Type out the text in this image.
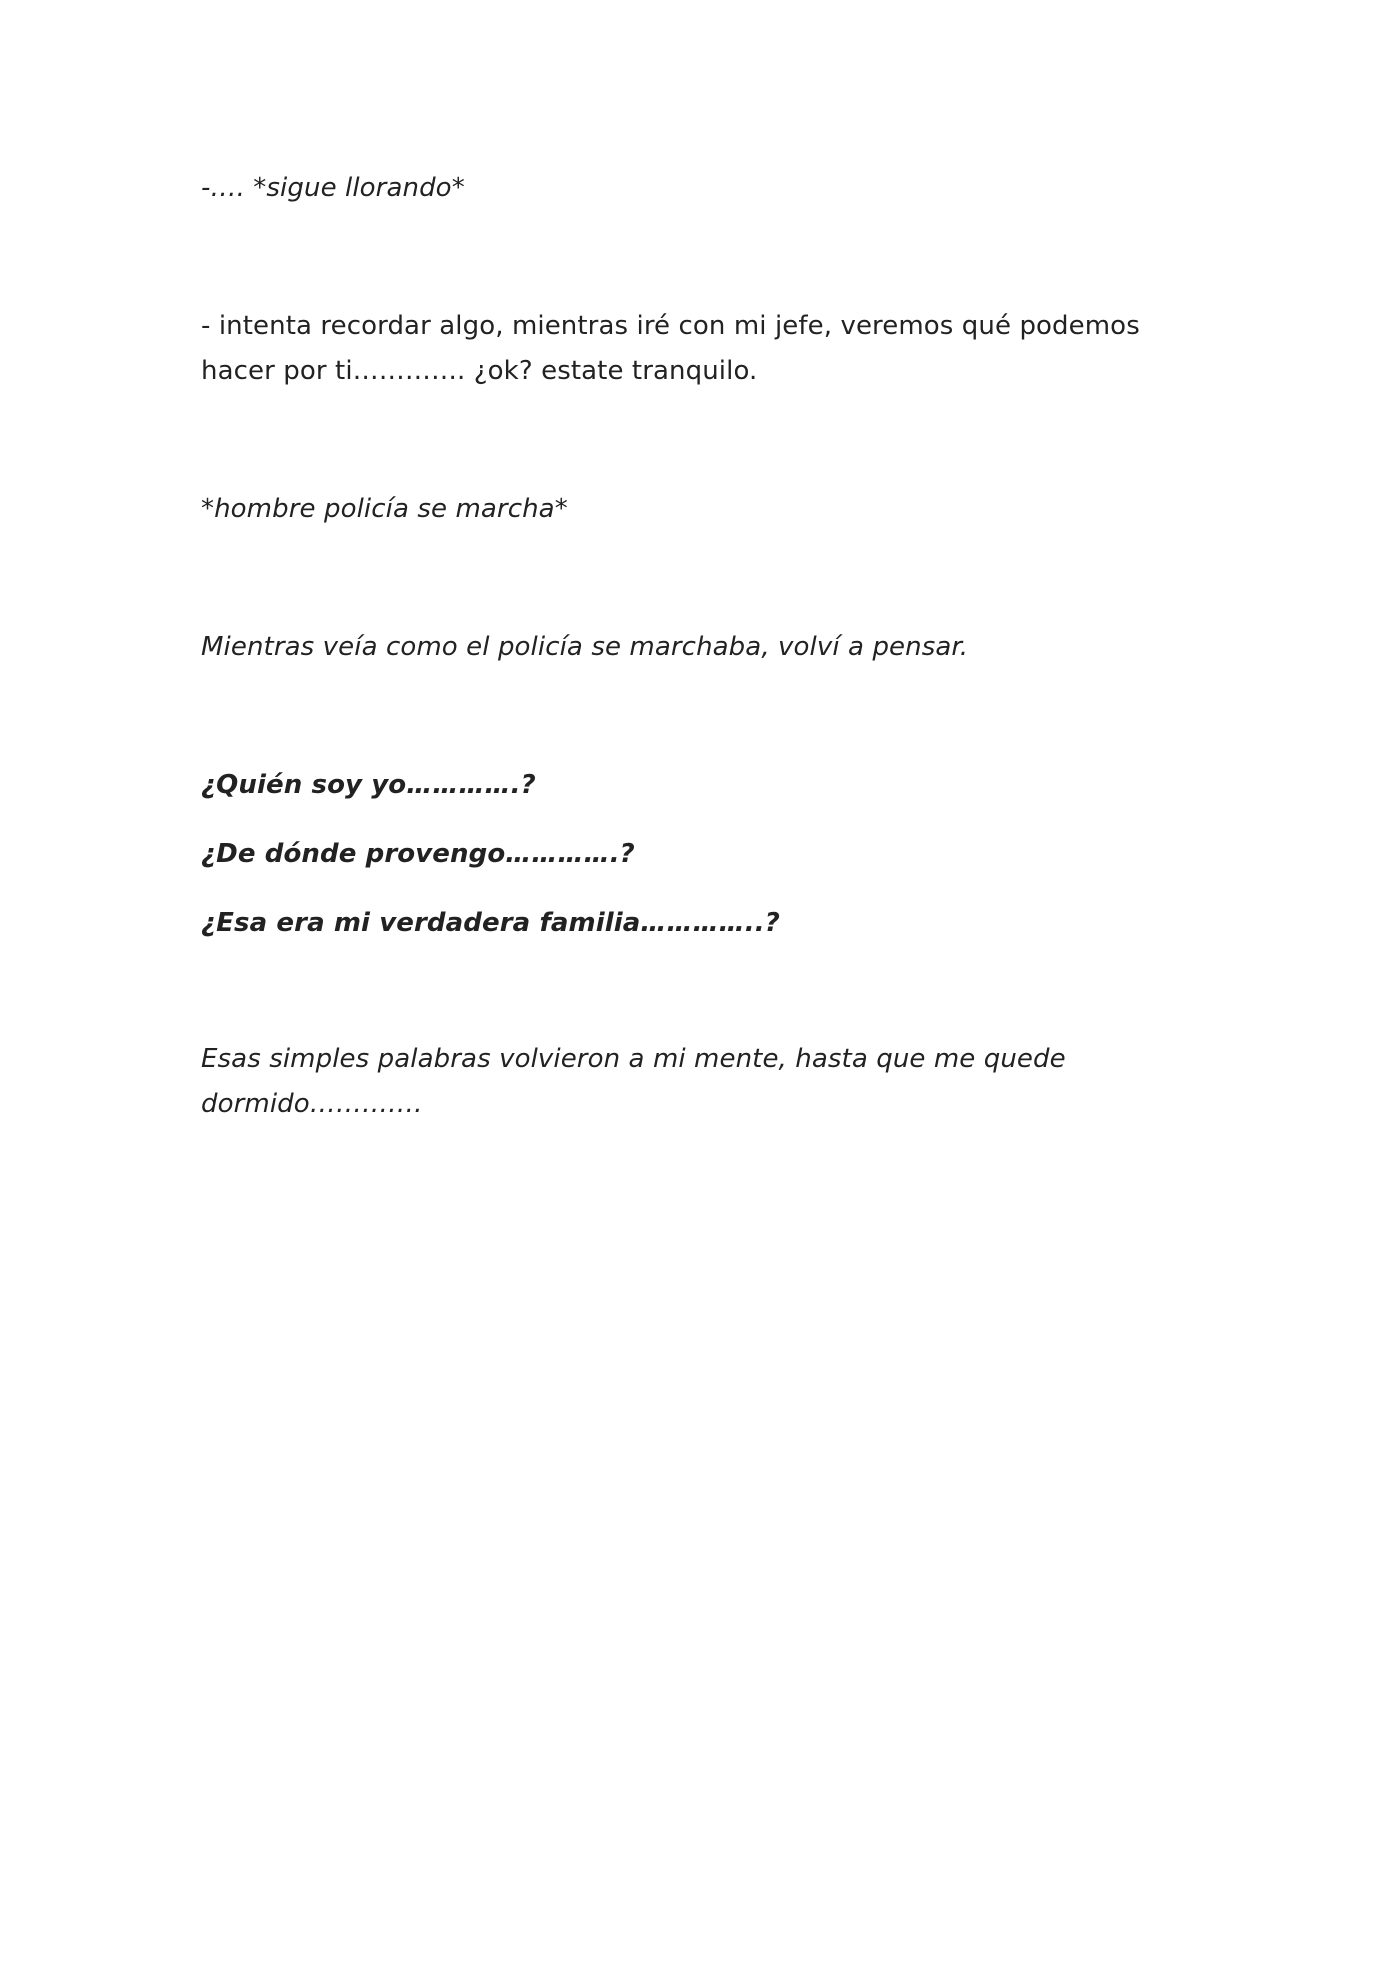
-…. *sigue llorando*

- intenta recordar algo, mientras iré con mi jefe, veremos qué podemos

hacer por ti…………. ¿ok? estate tranquilo.

*hombre policía se marcha*

Mientras veía como el policía se marchaba, volví a pensar.

¿Quién soy yo………….?

¿De dónde provengo………….?

¿Esa era mi verdadera familia…………..?

Esas simples palabras volvieron a mi mente, hasta que me quede

dormido………….
